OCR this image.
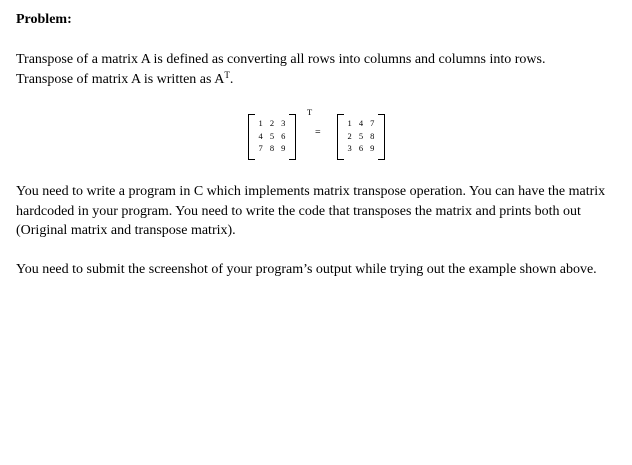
Problem:
Transpose of a matrix A is defined as converting all rows into columns and columns into rows.
Transpose of matrix A is written as $A^T$.
1 2 3
4 5 6
7 8 9
T
=
1 4 7
2 5 8
3 6 9
You need to write a program in C which implements matrix transpose operation. You can have the matrix hardcoded in your program. You need to write the code that transposes the matrix and prints both out (Original matrix and transpose matrix).
You need to submit the screenshot of your program’s output while trying out the example shown above.
